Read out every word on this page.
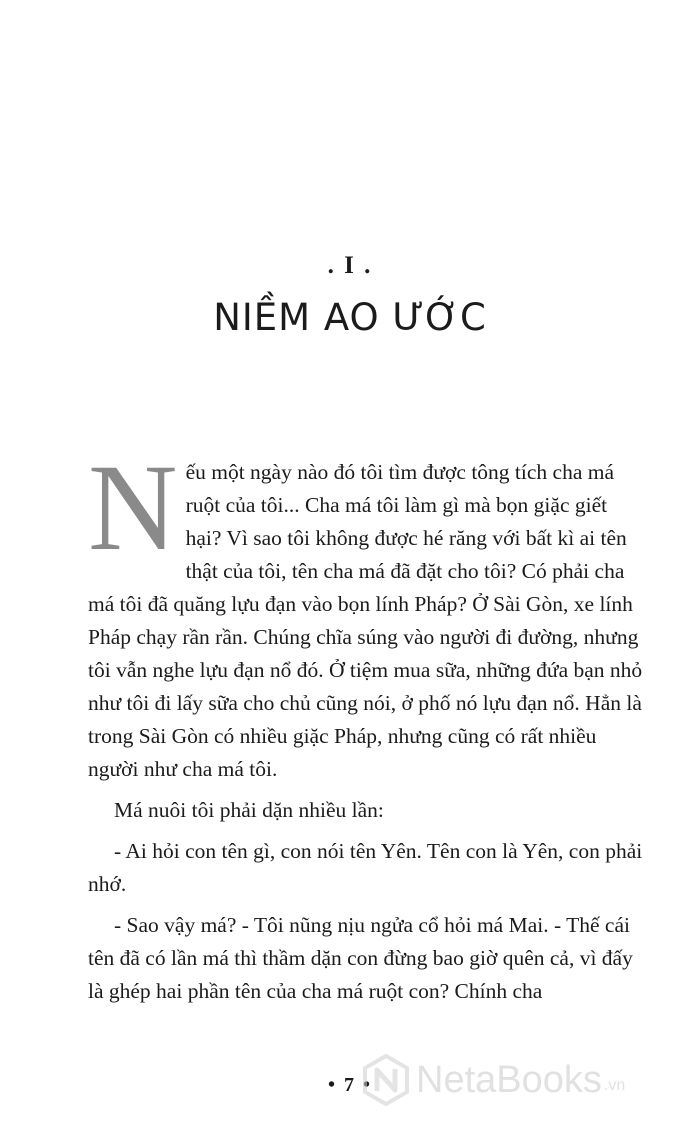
. I .
NIỀM AO ƯỚC

Nếu một ngày nào đó tôi tìm được tông tích cha má ruột của tôi... Cha má tôi làm gì mà bọn giặc giết hại? Vì sao tôi không được hé răng với bất kì ai tên thật của tôi, tên cha má đã đặt cho tôi? Có phải cha má tôi đã quăng lựu đạn vào bọn lính Pháp? Ở Sài Gòn, xe lính Pháp chạy rần rần. Chúng chĩa súng vào người đi đường, nhưng tôi vẫn nghe lựu đạn nổ đó. Ở tiệm mua sữa, những đứa bạn nhỏ như tôi đi lấy sữa cho chủ cũng nói, ở phố nó lựu đạn nổ. Hẳn là trong Sài Gòn có nhiều giặc Pháp, nhưng cũng có rất nhiều người như cha má tôi.

Má nuôi tôi phải dặn nhiều lần:

- Ai hỏi con tên gì, con nói tên Yên. Tên con là Yên, con phải nhớ.

- Sao vậy má? - Tôi nũng nịu ngửa cổ hỏi má Mai. - Thế cái tên đã có lần má thì thầm dặn con đừng bao giờ quên cả, vì đấy là ghép hai phần tên của cha má ruột con? Chính cha

• 7 •	NetaBooks .vn
